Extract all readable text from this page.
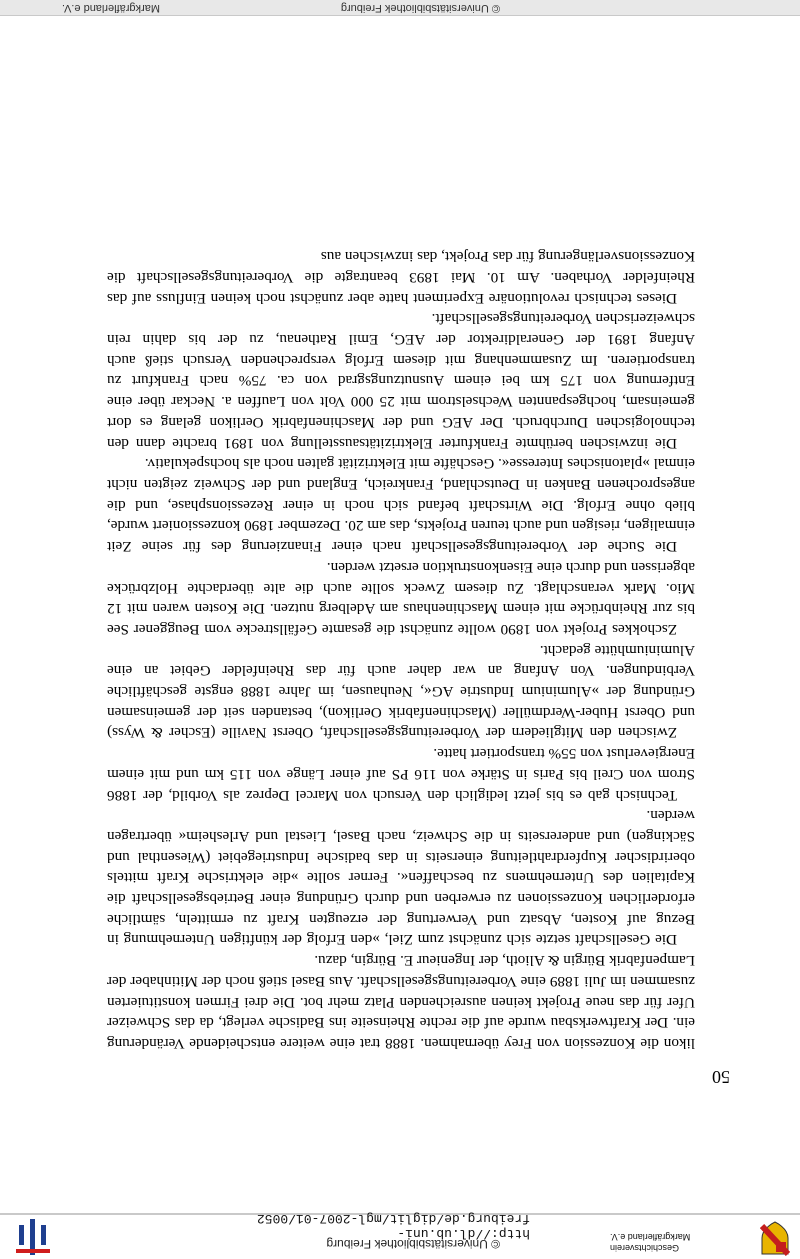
© Universitätsbibliothek Freiburg
http://dl.ub.uni-freiburg.de/diglit/mgl-2007-01/0052
Geschichtsverein
Markgräflerland e.V.
50

likon die Konzession von Frey übernahmen. 1888 trat eine weitere entscheidende Veränderung ein. Der Kraftwerksbau wurde auf die rechte Rheinseite ins Badische verlegt, da das Schweizer Ufer für das neue Projekt keinen ausreichenden Platz mehr bot. Die drei Firmen konstituierten zusammen im Juli 1889 eine Vorbereitungsgesellschaft. Aus Basel stieß noch der Mitinhaber der Lampenfabrik Bürgin & Alioth, der Ingenieur E. Bürgin, dazu.

Die Gesellschaft setzte sich zunächst zum Ziel, »den Erfolg der künftigen Unternehmung in Bezug auf Kosten, Absatz und Verwertung der erzeugten Kraft zu ermitteln, sämtliche erforderlichen Konzessionen zu erwerben und durch Gründung einer Betriebsgesellschaft die Kapitalien des Unternehmens zu beschaffen«. Ferner sollte »die elektrische Kraft mittels oberirdischer Kupferdrahtleitung einerseits in das badische Industriegebiet (Wiesenthal und Säckingen) und andererseits in die Schweiz, nach Basel, Liestal und Arlesheim« übertragen werden.

Technisch gab es bis jetzt lediglich den Versuch von Marcel Deprez als Vorbild, der 1886 Strom von Creil bis Paris in Stärke von 116 PS auf einer Länge von 115 km und mit einem Energieverlust von 55% transportiert hatte.

Zwischen den Mitgliedern der Vorbereitungsgesellschaft, Oberst Naville (Escher & Wyss) und Oberst Huber-Werdmüller (Maschinenfabrik Oerlikon), bestanden seit der gemeinsamen Gründung der »Aluminium Industrie AG«, Neuhausen, im Jahre 1888 engste geschäftliche Verbindungen. Von Anfang an war daher auch für das Rheinfelder Gebiet an eine Aluminiumhütte gedacht.

Zschokkes Projekt von 1890 wollte zunächst die gesamte Gefällstrecke vom Beuggener See bis zur Rheinbrücke mit einem Maschinenhaus am Adelberg nutzen. Die Kosten waren mit 12 Mio. Mark veranschlagt. Zu diesem Zweck sollte auch die alte überdachte Holzbrücke abgerissen und durch eine Eisenkonstruktion ersetzt werden.

Die Suche der Vorbereitungsgesellschaft nach einer Finanzierung des für seine Zeit einmaligen, riesigen und auch teuren Projekts, das am 20. Dezember 1890 konzessioniert wurde, blieb ohne Erfolg. Die Wirtschaft befand sich noch in einer Rezessionsphase, und die angesprochenen Banken in Deutschland, Frankreich, England und der Schweiz zeigten nicht einmal »platonisches Interesse«. Geschäfte mit Elektrizität galten noch als hochspekulativ.

Die inzwischen berühmte Frankfurter Elektrizitätsausstellung von 1891 brachte dann den technologischen Durchbruch. Der AEG und der Maschinenfabrik Oerlikon gelang es dort gemeinsam, hochgespannten Wechselstrom mit 25 000 Volt von Lauffen a. Neckar über eine Entfernung von 175 km bei einem Ausnutzungsgrad von ca. 75% nach Frankfurt zu transportieren. Im Zusammenhang mit diesem Erfolg versprechenden Versuch stieß auch Anfang 1891 der Generaldirektor der AEG, Emil Rathenau, zu der bis dahin rein schweizerischen Vorbereitungsgesellschaft.

Dieses technisch revolutionäre Experiment hatte aber zunächst noch keinen Einfluss auf das Rheinfelder Vorhaben. Am 10. Mai 1893 beantragte die Vorbereitungsgesellschaft die Konzessionsverlängerung für das Projekt, das inzwischen aus

© Universitätsbibliothek Freiburg
Markgräflerland e.V.
